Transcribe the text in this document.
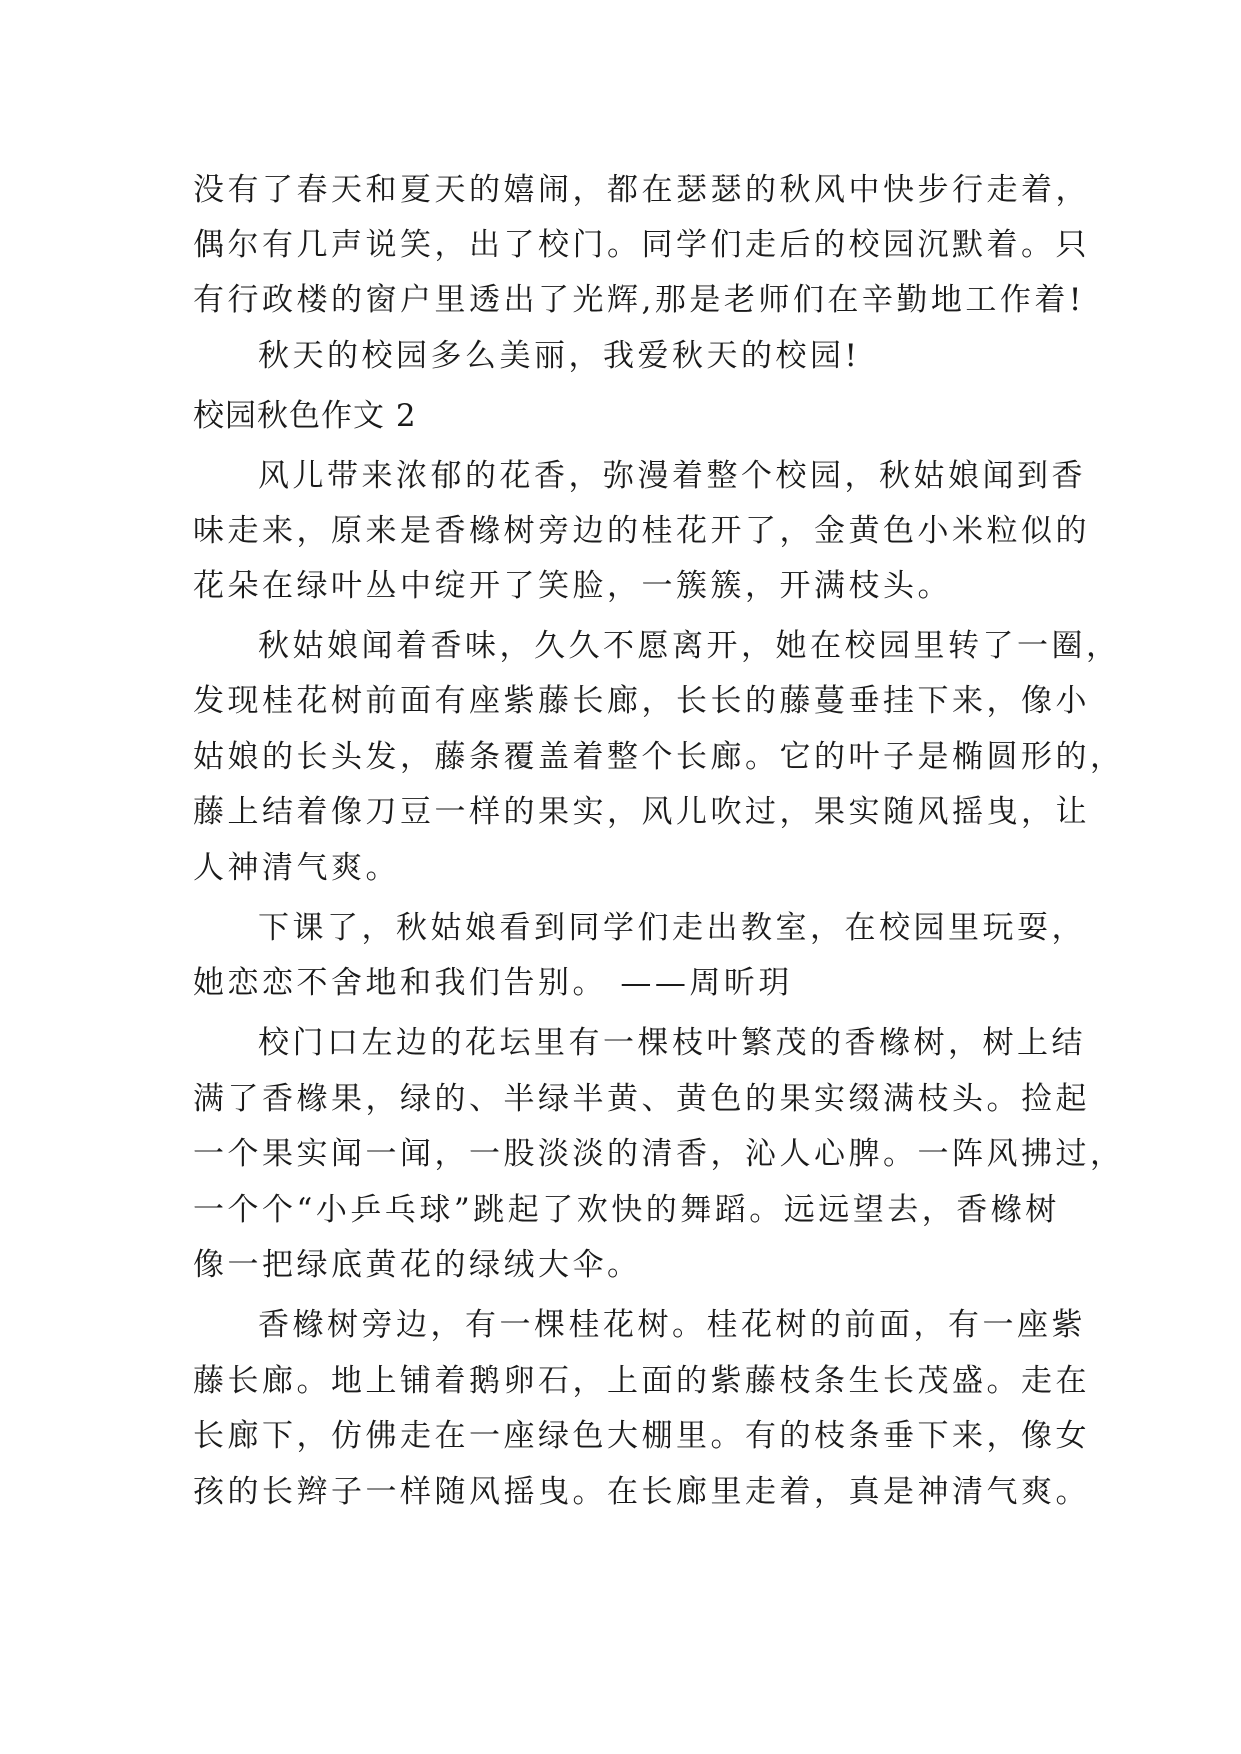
没有了春天和夏天的嬉闹，都在瑟瑟的秋风中快步行走着，
偶尔有几声说笑，出了校门。同学们走后的校园沉默着。只
有行政楼的窗户里透出了光辉,那是老师们在辛勤地工作着!
秋天的校园多么美丽，我爱秋天的校园!
校园秋色作文 2
风儿带来浓郁的花香，弥漫着整个校园，秋姑娘闻到香
味走来，原来是香橼树旁边的桂花开了，金黄色小米粒似的
花朵在绿叶丛中绽开了笑脸，一簇簇，开满枝头。
秋姑娘闻着香味，久久不愿离开，她在校园里转了一圈，
发现桂花树前面有座紫藤长廊，长长的藤蔓垂挂下来，像小
姑娘的长头发，藤条覆盖着整个长廊。它的叶子是椭圆形的，
藤上结着像刀豆一样的果实，风儿吹过，果实随风摇曳，让
人神清气爽。
下课了，秋姑娘看到同学们走出教室，在校园里玩耍，
她恋恋不舍地和我们告别。 ——周昕玥
校门口左边的花坛里有一棵枝叶繁茂的香橼树，树上结
满了香橼果，绿的、半绿半黄、黄色的果实缀满枝头。捡起
一个果实闻一闻，一股淡淡的清香，沁人心脾。一阵风拂过，
一个个“小乒乓球”跳起了欢快的舞蹈。远远望去，香橼树
像一把绿底黄花的绿绒大伞。
香橼树旁边，有一棵桂花树。桂花树的前面，有一座紫
藤长廊。地上铺着鹅卵石，上面的紫藤枝条生长茂盛。走在
长廊下，仿佛走在一座绿色大棚里。有的枝条垂下来，像女
孩的长辫子一样随风摇曳。在长廊里走着，真是神清气爽。
